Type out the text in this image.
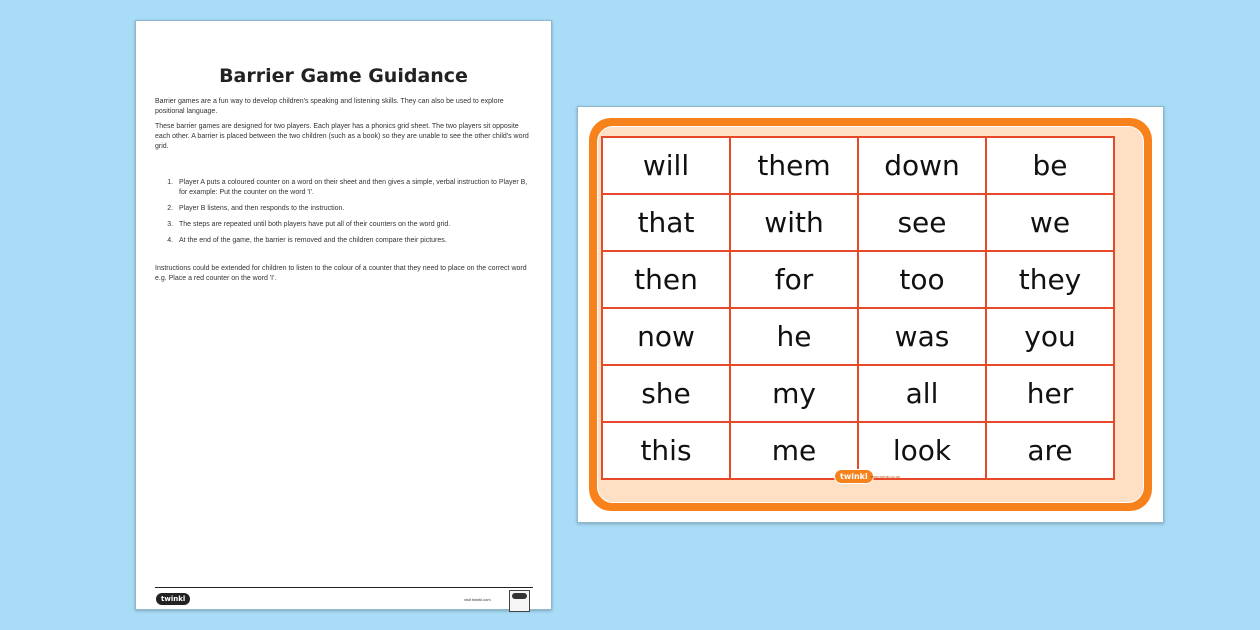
Barrier Game Guidance

Barrier games are a fun way to develop children's speaking and listening skills. They can also be used to explore positional language.

These barrier games are designed for two players. Each player has a phonics grid sheet. The two players sit opposite each other. A barrier is placed between the two children (such as a book) so they are unable to see the other child's word grid.

1. Player A puts a coloured counter on a word on their sheet and then gives a simple, verbal instruction to Player B, for example: Put the counter on the word 'I'.
2. Player B listens, and then responds to the instruction.
3. The steps are repeated until both players have put all of their counters on the word grid.
4. At the end of the game, the barrier is removed and the children compare their pictures.

Instructions could be extended for children to listen to the colour of a counter that they need to place on the correct word e.g. Place a red counter on the word 'I'.

twinkl	visit twinkl.com
will	them	down	be
that	with	see	we
then	for	too	they
now	he	was	you
she	my	all	her
this	me	look	are
twinkl www.twinkl.co.uk
